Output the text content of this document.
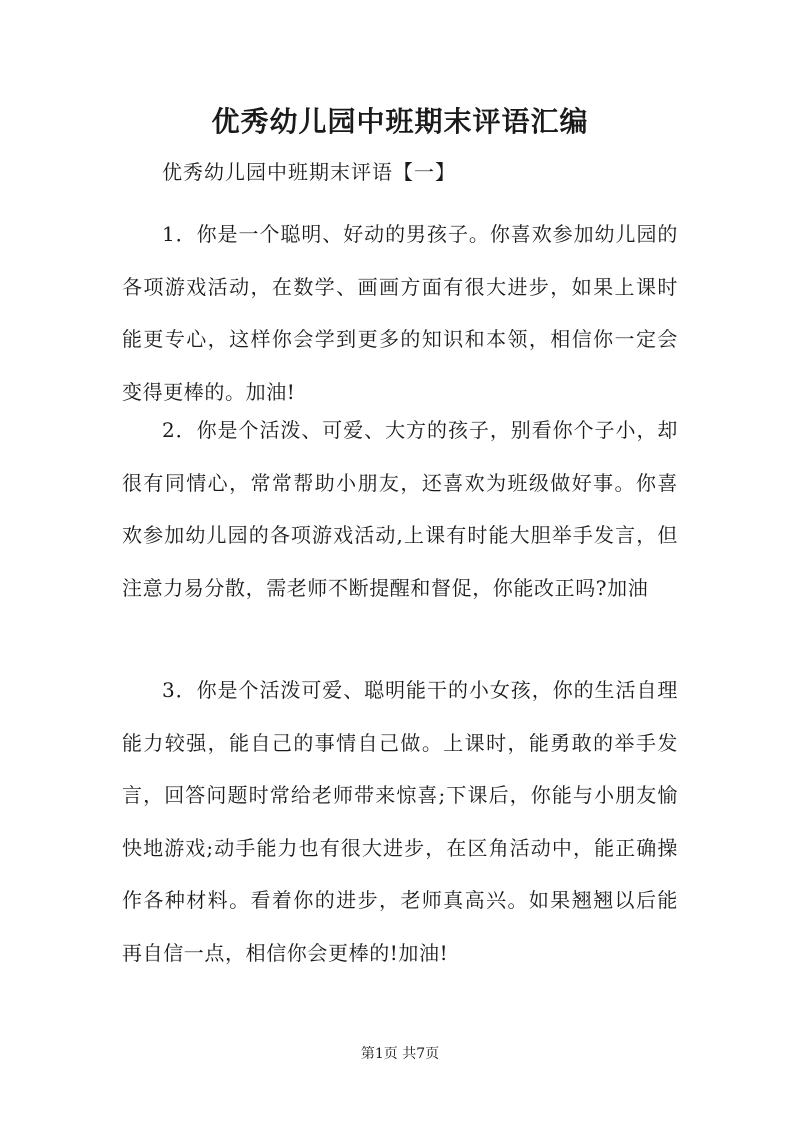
优秀幼儿园中班期末评语汇编

优秀幼儿园中班期末评语【一】

1．你是一个聪明、好动的男孩子。你喜欢参加幼儿园的各项游戏活动，在数学、画画方面有很大进步，如果上课时能更专心，这样你会学到更多的知识和本领，相信你一定会变得更棒的。加油!

2．你是个活泼、可爱、大方的孩子，别看你个子小，却很有同情心，常常帮助小朋友，还喜欢为班级做好事。你喜欢参加幼儿园的各项游戏活动,上课有时能大胆举手发言，但注意力易分散，需老师不断提醒和督促，你能改正吗?加油

3．你是个活泼可爱、聪明能干的小女孩，你的生活自理能力较强，能自己的事情自己做。上课时，能勇敢的举手发言，回答问题时常给老师带来惊喜;下课后，你能与小朋友愉快地游戏;动手能力也有很大进步，在区角活动中，能正确操作各种材料。看着你的进步，老师真高兴。如果翘翘以后能再自信一点，相信你会更棒的!加油!

第1页 共7页
